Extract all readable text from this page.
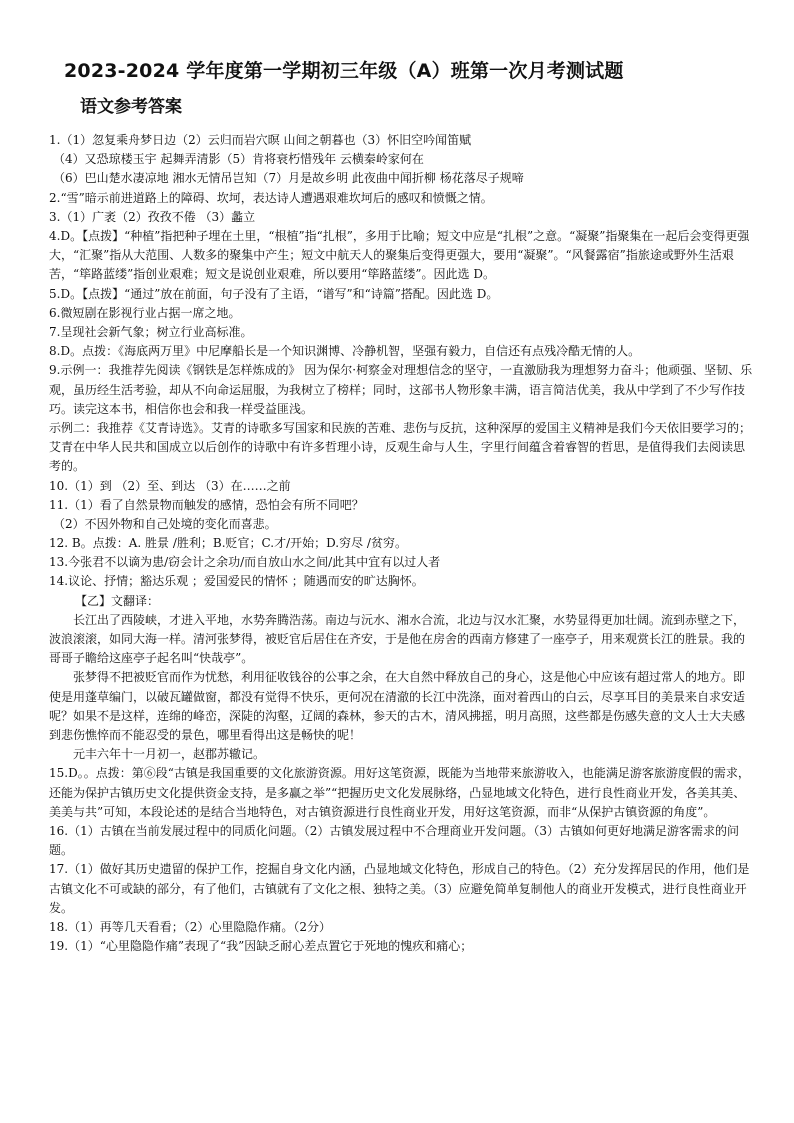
2023-2024 学年度第一学期初三年级（A）班第一次月考测试题
语文参考答案
1.（1）忽复乘舟梦日边（2）云归而岩穴暝 山间之朝暮也（3）怀旧空吟闻笛赋
（4）又恐琼楼玉宇 起舞弄清影（5）肯将衰朽惜残年 云横秦岭家何在
（6）巴山楚水凄凉地 湘水无情吊岂知（7）月是故乡明 此夜曲中闻折柳 杨花落尽子规啼
2.“雪”暗示前进道路上的障碍、坎坷，表达诗人遭遇艰难坎坷后的感叹和愤慨之情。
3.（1）广袤（2）孜孜不倦 （3）蠡立
4.D。【点拨】“种植”指把种子埋在土里，“根植”指“扎根”，多用于比喻；短文中应是“扎根”之意。“凝聚”指聚集在一起后会变得更强大，“汇聚”指从大范围、人数多的聚集中产生；短文中航天人的聚集后变得更强大，要用“凝聚”。“风餐露宿”指旅途或野外生活艰苦，“筚路蓝缕”指创业艰难；短文是说创业艰难，所以要用“筚路蓝缕”。因此选 D。
5.D。【点拨】“通过”放在前面，句子没有了主语，“谱写”和“诗篇”搭配。因此选 D。
6.微短剧在影视行业占据一席之地。
7.呈现社会新气象；树立行业高标准。
8.D。点拨：《海底两万里》中尼摩船长是一个知识渊博、冷静机智，坚强有毅力，自信还有点残冷酷无情的人。
9.示例一：我推荐先阅读《钢铁是怎样炼成的》 因为保尔·柯察金对理想信念的坚守，一直激励我为理想努力奋斗；他顽强、坚韧、乐观，虽历经生活考验，却从不向命运屈服，为我树立了榜样；同时，这部书人物形象丰满，语言简洁优美，我从中学到了不少写作技巧。读完这本书，相信你也会和我一样受益匪浅。
示例二：我推荐《艾青诗选》。艾青的诗歌多写国家和民族的苦难、悲伤与反抗，这种深厚的爱国主义精神是我们今天依旧要学习的；艾青在中华人民共和国成立以后创作的诗歌中有许多哲理小诗，反观生命与人生，字里行间蕴含着睿智的哲思，是值得我们去阅读思考的。
10.（1）到 （2）至、到达 （3）在……之前
11.（1）看了自然景物而触发的感情，恐怕会有所不同吧？
（2）不因外物和自己处境的变化而喜悲。
12. B。点拨：A. 胜景 /胜利；B.贬官；C.才/开始；D.穷尽 /贫穷。
13.今张君不以谪为患/窃会计之余功/而自放山水之间/此其中宜有以过人者
14.议论、抒情；豁达乐观 ；爱国爱民的情怀 ；随遇而安的旷达胸怀。
【乙】文翻译：
长江出了西陵峡，才进入平地，水势奔腾浩荡。南边与沅水、湘水合流，北边与汉水汇聚，水势显得更加壮阔。流到赤壁之下，波浪滚滚，如同大海一样。清河张梦得，被贬官后居住在齐安，于是他在房舍的西南方修建了一座亭子，用来观赏长江的胜景。我的哥哥子瞻给这座亭子起名叫“快哉亭”。
张梦得不把被贬官而作为忧愁，利用征收钱谷的公事之余，在大自然中释放自己的身心，这是他心中应该有超过常人的地方。即使是用蓬草编门，以破瓦罐做窗，都没有觉得不快乐，更何况在清澈的长江中洗涤，面对着西山的白云，尽享耳目的美景来自求安适呢？如果不是这样，连绵的峰峦，深陡的沟壑，辽阔的森林，参天的古木，清风拂摇，明月高照，这些都是伤感失意的文人士大夫感到悲伤憔悴而不能忍受的景色，哪里看得出这是畅快的呢！
元丰六年十一月初一，赵郡苏辙记。
15.D。。点拨：第⑥段“古镇是我国重要的文化旅游资源。用好这笔资源，既能为当地带来旅游收入，也能满足游客旅游度假的需求，还能为保护古镇历史文化提供资金支持，是多赢之举”“把握历史文化发展脉络，凸显地域文化特色，进行良性商业开发，各美其美、美美与共”可知，本段论述的是结合当地特色，对古镇资源进行良性商业开发，用好这笔资源，而非“从保护古镇资源的角度”。
16.（1）古镇在当前发展过程中的同质化问题。（2）古镇发展过程中不合理商业开发问题。（3）古镇如何更好地满足游客需求的问题。
17.（1）做好其历史遗留的保护工作，挖掘自身文化内涵，凸显地域文化特色，形成自己的特色。（2）充分发挥居民的作用，他们是古镇文化不可或缺的部分，有了他们，古镇就有了文化之根、独特之美。（3）应避免简单复制他人的商业开发模式，进行良性商业开发。
18.（1）再等几天看看；（2）心里隐隐作痛。（2分）
19.（1）“心里隐隐作痛”表现了“我”因缺乏耐心差点置它于死地的愧疚和痛心；
